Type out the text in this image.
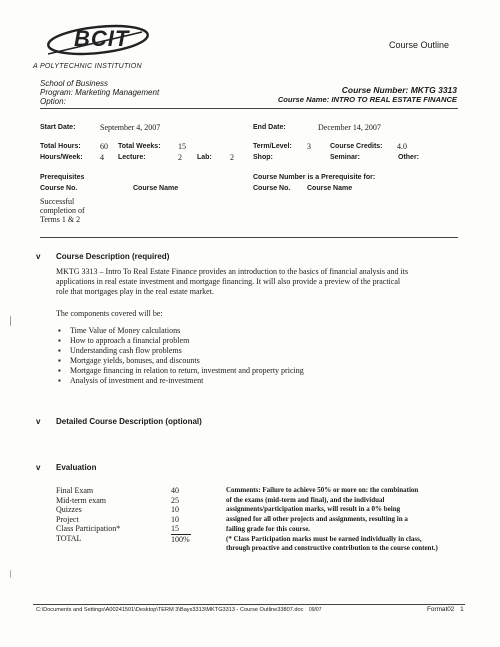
BCIT
A POLYTECHNIC INSTITUTION
Course Outline
School of Business
Program: Marketing Management
Option:
Course Number: MKTG 3313
Course Name: INTRO TO REAL ESTATE FINANCE
Start Date:	September 4, 2007	End Date:	December 14, 2007
Total Hours: 60 Total Weeks: 15	Term/Level: 3	Course Credits: 4.0
Hours/Week: 4 Lecture:	2 Lab: 2	Shop:	Seminar:	Other:
Prerequisites
Course No.	Course Name
Successful
completion of
Terms 1 & 2
Course Number is a Prerequisite for:
Course No. Course Name
v Course Description (required)
MKTG 3313 – Intro To Real Estate Finance provides an introduction to the basics of financial analysis and its
applications in real estate investment and mortgage financing. It will also provide a preview of the practical
role that mortgages play in the real estate market.
The components covered will be:
▪ Time Value of Money calculations
▪ How to approach a financial problem
▪ Understanding cash flow problems
▪ Mortgage yields, bonuses, and discounts
▪ Mortgage financing in relation to return, investment and property pricing
▪ Analysis of investment and re-investment
v Detailed Course Description (optional)
v Evaluation
Final Exam	40
Mid-term exam	25
Quizzes	10
Project	10
Class Participation*	15
TOTAL	100%
Comments: Failure to achieve 50% or more on: the combination
of the exams (mid-term and final), and the individual
assignments/participation marks, will result in a 0% being
assigned for all other projects and assignments, resulting in a
failing grade for this course.
(* Class Participation marks must be earned individually in class,
through proactive and constructive contribution to the course content.)
C:\Documents and Settings\A00241501\Desktop\TERM 3\Bays3313\MKTG3313 - Course Outline33807.doc 09/07	Format02 1
